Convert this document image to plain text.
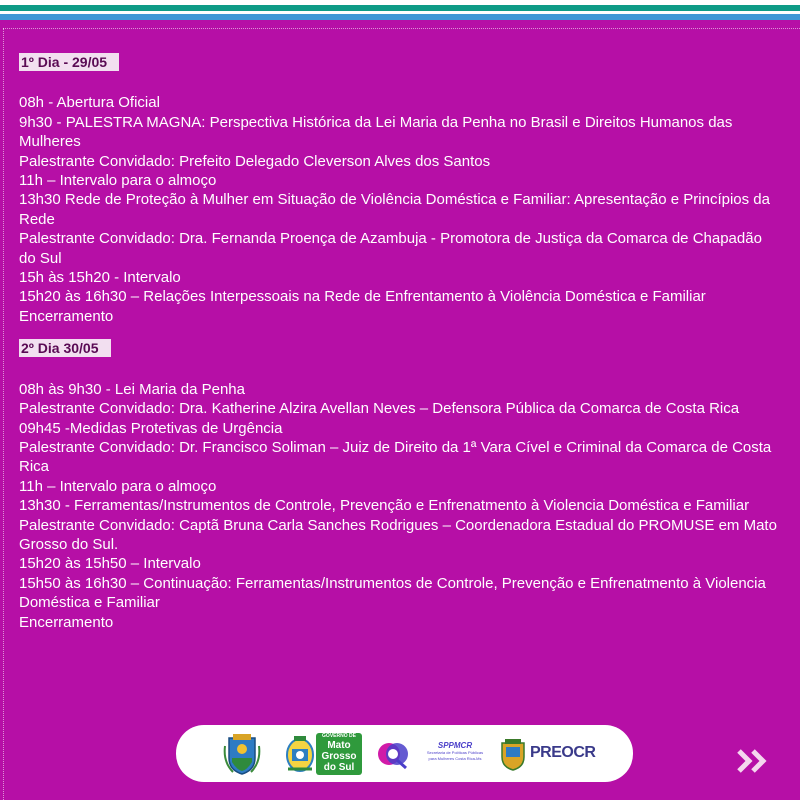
1º Dia - 29/05
08h - Abertura Oficial
9h30 - PALESTRA MAGNA: Perspectiva Histórica da Lei Maria da Penha no Brasil e Direitos Humanos das Mulheres
Palestrante Convidado: Prefeito Delegado Cleverson Alves dos Santos
11h – Intervalo para o almoço
13h30 Rede de Proteção à Mulher em Situação de Violência Doméstica e Familiar: Apresentação e Princípios da Rede
Palestrante Convidado: Dra. Fernanda Proença de Azambuja - Promotora de Justiça da Comarca de Chapadão do Sul
15h às 15h20 - Intervalo
15h20 às 16h30 – Relações Interpessoais na Rede de Enfrentamento à Violência Doméstica e Familiar
Encerramento
2º Dia 30/05
08h às 9h30 - Lei Maria da Penha
Palestrante Convidado: Dra. Katherine Alzira Avellan Neves – Defensora Pública da Comarca de Costa Rica
09h45 -Medidas Protetivas de Urgência
Palestrante Convidado: Dr. Francisco Soliman – Juiz de Direito da 1ª Vara Cível e Criminal da Comarca de Costa Rica
11h – Intervalo para o almoço
13h30 - Ferramentas/Instrumentos de Controle, Prevenção e Enfrenatmento à Violencia Doméstica e Familiar
Palestrante Convidado: Captã Bruna Carla Sanches Rodrigues – Coordenadora Estadual do PROMUSE em Mato Grosso do Sul.
15h20 às 15h50 – Intervalo
15h50 às 16h30 – Continuação: Ferramentas/Instrumentos de Controle, Prevenção e Enfrenatmento à Violencia Doméstica e Familiar
Encerramento
GOVERNO DE
Mato
Grosso
do Sul
SPPMCR
Secretaria de Políticas Públicas
para Mulheres Costa Rica-Ms	PREOCR
